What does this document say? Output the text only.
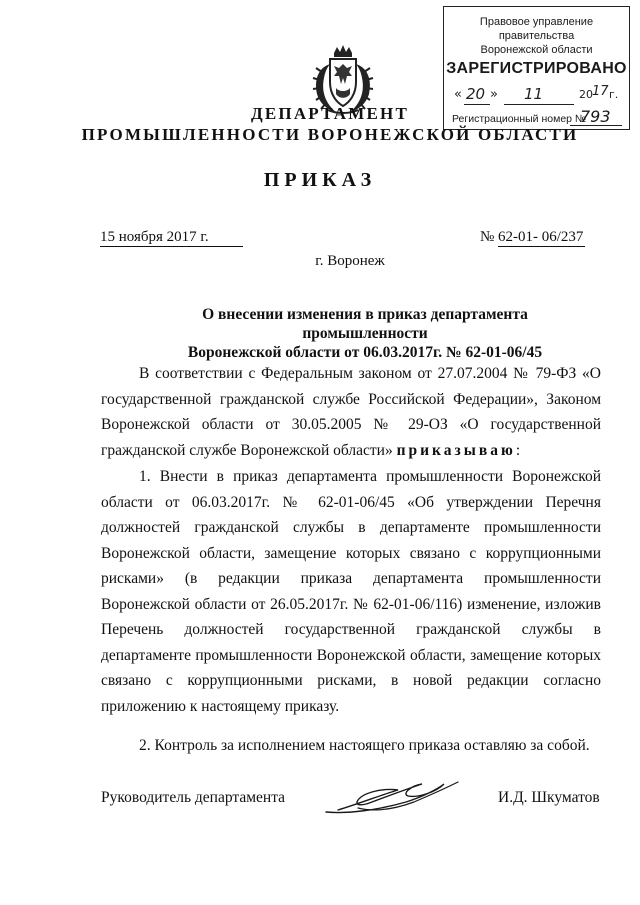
Правовое управление правительства
Воронежской области
ЗАРЕГИСТРИРОВАНО
« 20 » 11	20 17 г.
Регистрационный номер №
793
ДЕПАРТАМЕНТ
ПРОМЫШЛЕННОСТИ ВОРОНЕЖСКОЙ ОБЛАСТИ
ПРИКАЗ
15 ноября 2017 г.	№ 62-01- 06/237
г. Воронеж
О внесении изменения в приказ департамента промышленности
Воронежской области от 06.03.2017г. № 62-01-06/45
В соответствии с Федеральным законом от 27.07.2004 № 79-ФЗ «О государственной гражданской службе Российской Федерации», Законом Воронежской области от 30.05.2005 № 29-ОЗ «О государственной гражданской службе Воронежской области» приказываю:
1. Внести в приказ департамента промышленности Воронежской области от 06.03.2017г. № 62-01-06/45 «Об утверждении Перечня должностей гражданской службы в департаменте промышленности Воронежской области, замещение которых связано с коррупционными рисками» (в редакции приказа департамента промышленности Воронежской области от 26.05.2017г. № 62-01-06/116) изменение, изложив Перечень должностей государственной гражданской службы в департаменте промышленности Воронежской области, замещение которых связано с коррупционными рисками, в новой редакции согласно приложению к настоящему приказу.
2. Контроль за исполнением настоящего приказа оставляю за собой.
Руководитель департамента	И.Д. Шкуматов
